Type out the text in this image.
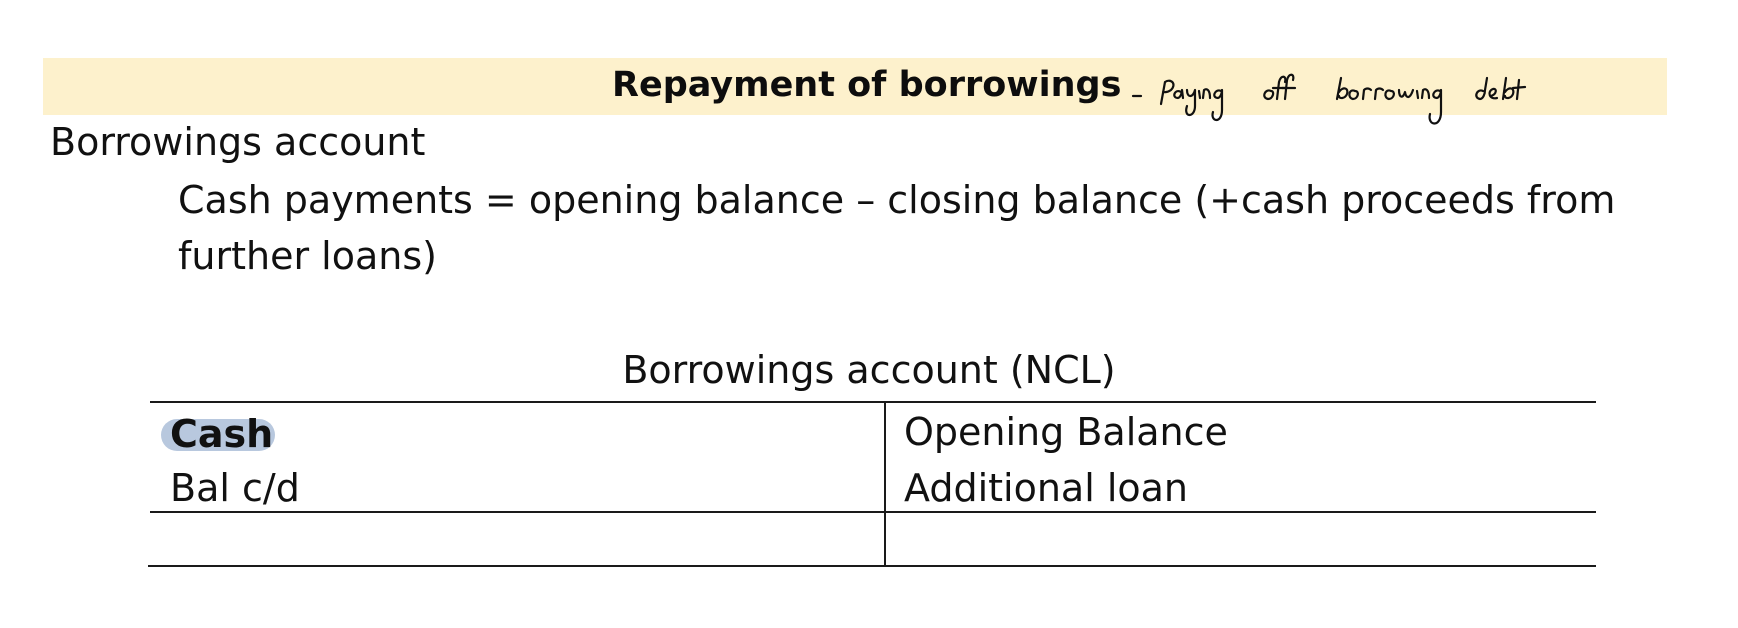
Repayment of borrowings
Borrowings account
Cash payments = opening balance – closing balance (+cash proceeds from further loans)
Borrowings account (NCL)
Cash
Bal c/d
Opening Balance
Additional loan
